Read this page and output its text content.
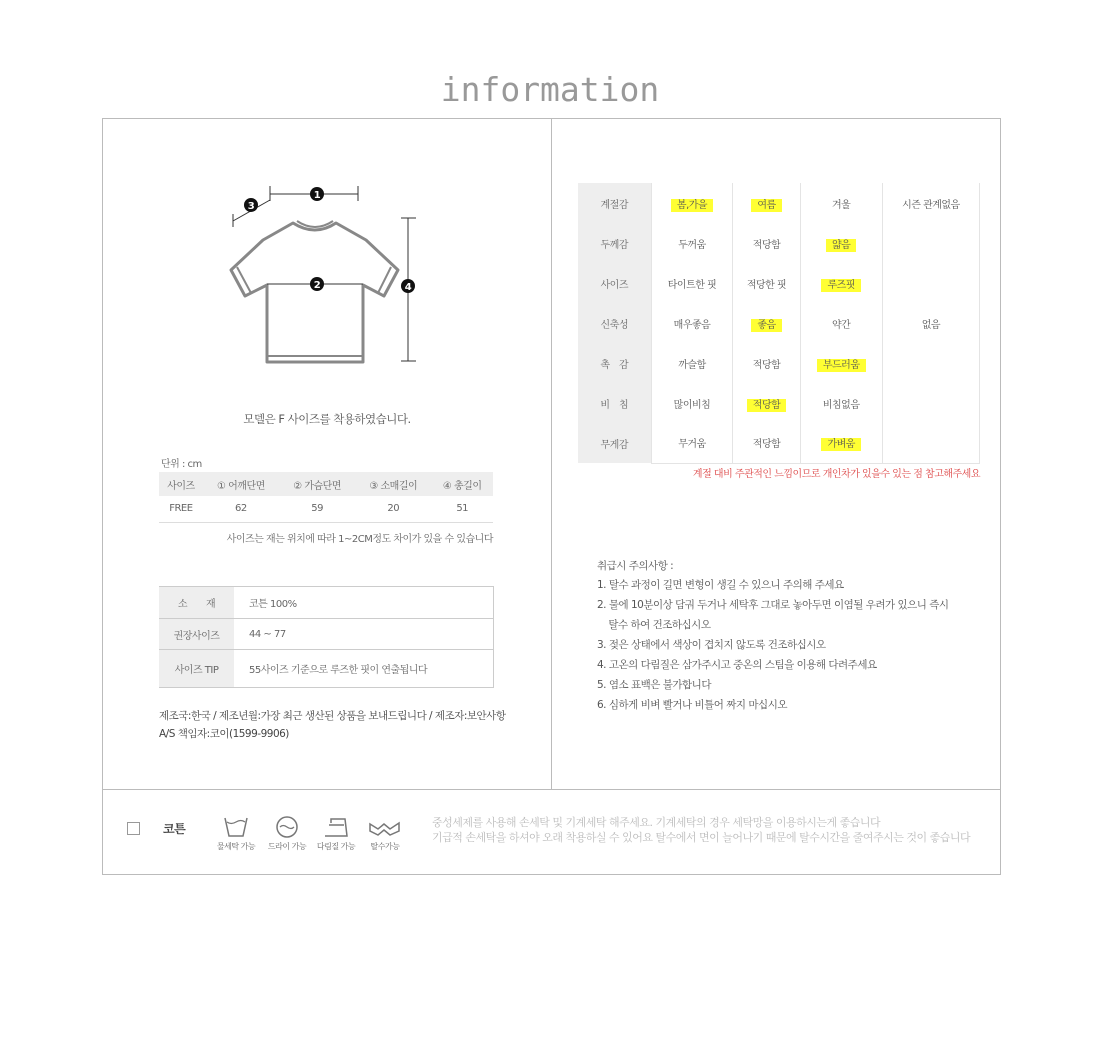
information
1
2
3
4
모델은 F 사이즈를 착용하였습니다.
단위 : cm
사이즈	① 어깨단면	② 가슴단면	③ 소매길이	④ 총길이
FREE	62	59	20	51
사이즈는 재는 위치에 따라 1~2CM정도 차이가 있을 수 있습니다
소　　재	코튼 100%
권장사이즈	44 ~ 77
사이즈 TIP	55사이즈 기준으로 루즈한 핏이 연출됩니다
제조국:한국 / 제조년월:가장 최근 생산된 상품을 보내드립니다 / 제조자:보안사항
A/S 책임자:코이(1599-9906)
계절감	봄,가을	여름	겨울	시즌 관계없음
두께감	두꺼움	적당함	얇음	
사이즈	타이트한 핏	적당한 핏	루즈핏	
신축성	매우좋음	좋음	약간	없음
촉　감	까슬함	적당함	부드러움	
비　침	많이비침	적당함	비침없음	
무게감	무거움	적당함	가벼움	
계절 대비 주관적인 느낌이므로 개인차가 있을수 있는 점 참고해주세요
취급시 주의사항 :
1. 탈수 과정이 길면 변형이 생길 수 있으니 주의해 주세요
2. 물에 10분이상 담궈 두거나 세탁후 그대로 놓아두면 이염될 우려가 있으니 즉시
탈수 하여 건조하십시오
3. 젖은 상태에서 색상이 겹치지 않도록 건조하십시오
4. 고온의 다림질은 삼가주시고 중온의 스팀을 이용해 다려주세요
5. 염소 표백은 불가합니다
6. 심하게 비벼 빨거나 비틀어 짜지 마십시오
코튼
물세탁 가능	드라이 가능	다림질 가능	탈수가능
중성세제를 사용해 손세탁 및 기계세탁 해주세요. 기계세탁의 경우 세탁망을 이용하시는게 좋습니다
기급적 손세탁을 하셔야 오래 착용하실 수 있어요 탈수에서 면이 늘어나기 때문에 탈수시간을 줄여주시는 것이 좋습니다
